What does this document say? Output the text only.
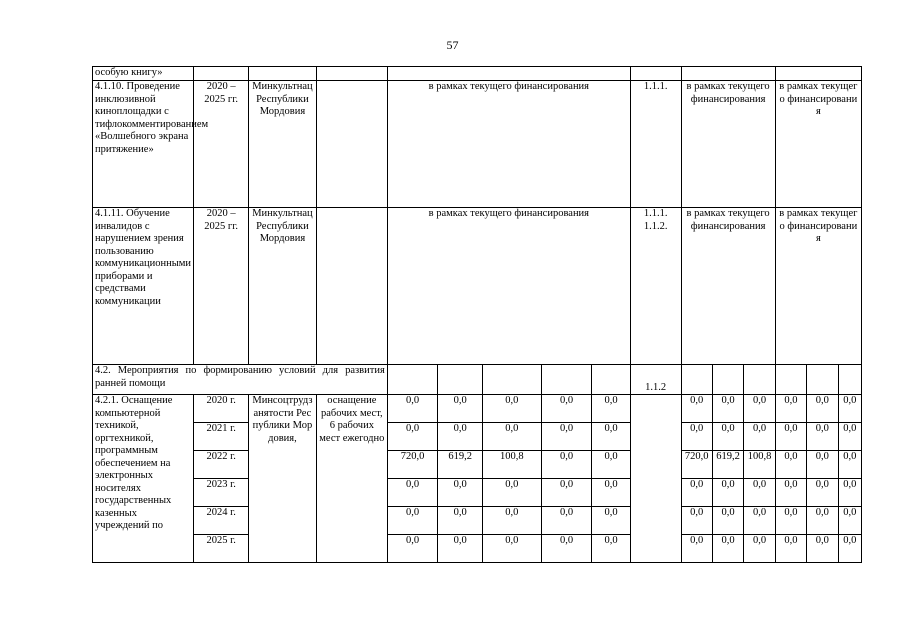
57
особую книгу»															
4.1.10. Проведение инклюзивной киноплощадки с тифлокомментированием «Волшебного экрана притяжение»	2020 – 2025 гг.	Минкультнац Республики Мордовия		в рамках текущего финансирования					1.1.1.	в рамках текущего финансирования			в рамках текущего финансирования		
4.1.11. Обучение инвалидов с нарушением зрения пользованию коммуникационными приборами и средствами коммуникации	2020 – 2025 гг.	Минкультнац Республики Мордовия		в рамках текущего финансирования					1.1.1. 1.1.2.	в рамках текущего финансирования			в рамках текущего финансирования		
4.2. Мероприятия по формированию условий для развития ранней помощи									1.1.2						
4.2.1. Оснащение компьютерной техникой, оргтехникой, программным обеспечением на электронных носителях государственных казенных учреждений по	2020 г.	Минсоцтрудзанятости Республики Мордовия,	оснащение рабочих мест, 6 рабочих мест ежегодно	0,0	0,0	0,0	0,0	0,0		0,0	0,0	0,0	0,0	0,0	0,0
	2021 г.			0,0	0,0	0,0	0,0	0,0		0,0	0,0	0,0	0,0	0,0	0,0
	2022 г.			720,0	619,2	100,8	0,0	0,0		720,0	619,2	100,8	0,0	0,0	0,0
	2023 г.			0,0	0,0	0,0	0,0	0,0		0,0	0,0	0,0	0,0	0,0	0,0
	2024 г.			0,0	0,0	0,0	0,0	0,0		0,0	0,0	0,0	0,0	0,0	0,0
	2025 г.			0,0	0,0	0,0	0,0	0,0		0,0	0,0	0,0	0,0	0,0	0,0
